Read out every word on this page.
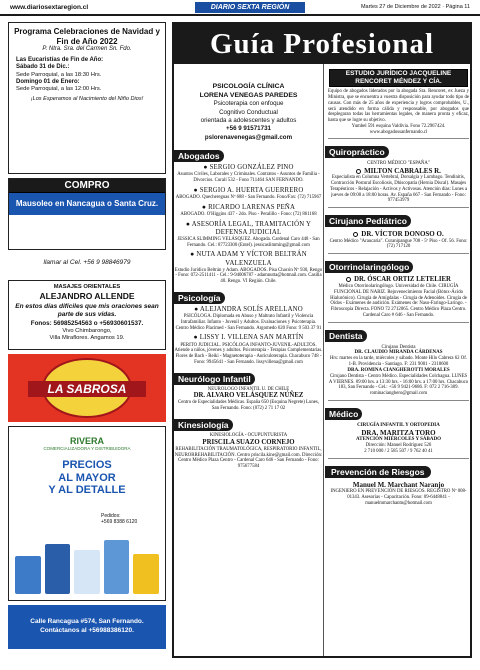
www.diariosextaregion.cl	DIARIO SEXTA REGIÓN	Martes 27 de Diciembre de 2022 · Página 11
Programa Celebraciones de Navidad y Fin de Año 2022
P. Ntra. Sra. del Carmen Sn. Fdo.
Las Eucaristías de Fin de Año:
Sábado 31 de Dic.:
Sede Parroquial, a las 18:30 Hrs.
Domingo 01 de Enero:
Sede Parroquial, a las 12:00 Hrs.
¡Los Esperamos al Nacimiento del Niño Dios!
COMPRO
Mausoleo en Nancagua o Santa Cruz.
llamar al Cel. +56 9 98846979
MASAJES ORIENTALES
ALEJANDRO ALLENDE
En estos días difíciles que mis oraciones sean parte de sus vidas.
Fonos: 56985254563 o +56930601537.
Vivo Chimbarongo,
Villa Miraflores. Angamos 19.
LA SABROSA
RIVERA
COMERCIALIZADORA Y DISTRIBUIDORA
PRECIOS
AL MAYOR
Y AL DETALLE
Pedidos:
+569 8388 6120
Calle Rancagua #574, San Fernando.
Contáctanos al +56988386120.
Guía Profesional
PSICOLOGÍA CLÍNICA
LORENA VENEGAS PAREDES
Psicoterapia con enfoque
Cognitivo Conductual
orientada a adolescentes y adultos
+56 9 91571731
pslorenavenegas@gmail.com
Abogados
● SERGIO GONZÁLEZ PINO
Asuntos Civiles, Laborales y Criminales. Contratos - Asuntos de Familia - Divorcios. Curalí 532 - Fono 711464 SAN FERNANDO.
● SERGIO A. HUERTA GUERRERO
ABOGADO. Quechereguas Nº 688 - San Fernando. Fono/Fax: (72) 715967
● RICARDO LARENAS PEÑA
ABOGADO. O'Higgins 437 - 2do. Piso - Peralillo - Fono: (72) 861168
● ASESORÍA LEGAL, TRAMITACIÓN Y DEFENSA JUDICIAL
JESSICA SLIMMING VELÁSQUEZ. Abogada. Cardenal Caro 448 - San Fernando. Cel.: 87723300 (Entel). jessicaslimming@gmail.com
● NUTA ADAM Y VÍCTOR BELTRÁN VALENZUELA
Estudio Jurídico Beltrán y Adam. ABOGADOS. Pisa Chacón Nº 930, Rengo - Fono: 072-2511411 - Cel.: 9-94006787 - adamnutta@hotmail.com. Casilla 40. Rengo. VI Región. Chile.
Psicología
● ALEJANDRA SOLÍS ARELLANO
PSICÓLOGA. Diplomada en Abuso y Maltrato Infantil y Violencia Intrafamiliar. Infanto - Juvenil y Adultos. Evaluaciones y Psicoterapia. Centro Médico Placimed - San Fernando. Argomedo 620 Fono: 9 503 37 91
● LISSY I. VILLENA SAN MARTÍN
PERITO JUDICIAL. PSICÓLOGA INFANTO-JUVENIL-ADULTOS. Atiende a niños, jóvenes y adultos. Psicoterapia - Terapias Complementarias. Flores de Bach - Reiki - Magnetoterapia - Auriculoterapia. Chacabuco 748 - Fono: 9945641 - San Fernando. lissyvillena@gmail.com
Neurólogo Infantil
NEUROLOGO INFANTIL U. DE CHILE
DR. ALVARO VELÁSQUEZ NÚÑEZ
Centro de Especialidades Médicas. España 650 (Esquina Negrete) Lunes, San Fernando. Fono: (072) 2 71 17 02
Kinesiología
KINESIOLOGÍA - OCUPUNTURISTA
PRISCILA SUAZO CORNEJO
REHABILITACIÓN TRAUMATOLÓGICA, RESPIRATORIO INFANTIL, NEURORREHABILITACIÓN. Centro priscila.kine@gmail.com. Dirección: Centro Médico Plaza Centro - Cardenal Caro 646 - San Fernando - Fono: 975677584
ESTUDIO JURÍDICO JACQUELINE
RENCORET MÉNDEZ Y CÍA.
Equipo de abogados liderados por la abogada Sra. Rencoret, ex Jueza y Ministra, que se encuentra a vuestra disposición para ayudar todo tipo de causas. Con más de 25 años de experiencia y logros comprobables, U., será atendido en forma cálida y responsable, por abogados que desplegaran todas las herramientas legales, de manera pronta y eficaz, hasta que se logre su objetivo.
Yumbel 591 esquina Valdivia. Fono 72.2967424.
www.abogadossanfernando.cl
Quiropráctico
CENTRO MÉDICO "ESPAÑA"
MILTON CABRALES R.
Especialista en Columna Vertebral, Dorsalgia y Lumbago. Tendinitis, Contracción Postural Escoliosis, Dhiscopatía (Hernia Discal). Masajes Terapéuticos - Relajación - Activos y Activosas. Atención días: Lunes a jueves de 09:00 a 18:00 horas. Av. España 667 - San Fernando - Fono: 977453979
Cirujano Pediátrico
DR. VÍCTOR DONOSO O.
Centro Médico "Araucaria". Curanipangue 708 - 5º Piso - Of. 56. Fono: (72) 717120
Otorrinolaringólogo
DR. ÓSCAR ORTIZ LETELIER
Médico Otorrinolaringólogo. Universidad de Chile. CIRUGÍA FUNCIONAL DE NARIZ. Rejuvenecimiento Facial (Bótox-Ácido Hialurónico). Cirugía de Amígdalas - Cirugía de Adenoides. Cirugía de Oídos - Exámenes de audición. Exámenes de: Naso-Faringo-Laringo. -Fibroscopía Directa. FONO 72 2712065. Centro Médico Plaza Centro. Cardenal Caro # 646 - San Fernando.
Dentista
Cirujano Dentista
DR. CLAUDIO MIRANDA CÁRDENAS
Hrs: martes en la tarde, miércoles y sábado. Monte Hilo Cabrera 62 Of. 1-B. Providencia - Santiago. F: 231 9001 - 2318600
DRA. ROMINA CIANGHEROTTI MORALES
Cirujano Dentista - Centro Médico. Especialidades Colchagua. LUNES A VIERNES. 09:00 hrs. a 13:30 hrs. - 16:00 hrs. a 17:00 hrs. Chacabuco 183, San Fernando - Cel.: +56 9 9421-9686. F: 072 2 716-389. rominacianghero@gmail.com
Médico
CIRUGÍA INFANTIL Y ORTOPEDIA
DRA. MARITZA TORO
ATENCIÓN MIÉRCOLES Y SÁBADO
Dirección: Manuel Rodríguez 526
2 710 000 / 2 585 507 / 9 762 40 41
Prevención de Riesgos
Manuel M. Marchant Naranjo
INGENIERO EN PREVENCIÓN DE RIESGOS. REGISTRO Nº 008-01343. Asesorías - Capacitación. Fono: 09-6448841 - manuelmmarchantn@hotmail.com
